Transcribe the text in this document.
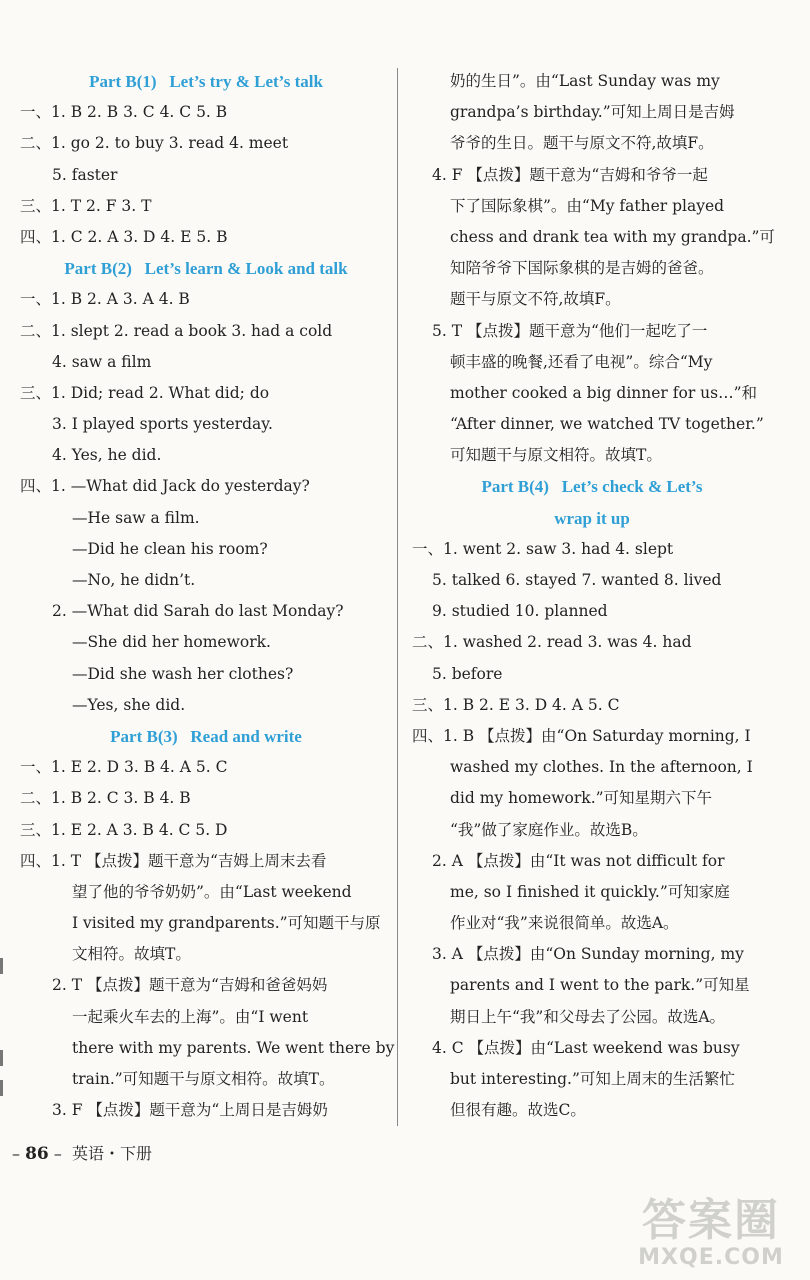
Part B(1)   Let’s try & Let’s talk
一、1. B 2. B 3. C 4. C 5. B
二、1. go 2. to buy 3. read 4. meet
5. faster
三、1. T 2. F 3. T
四、1. C 2. A 3. D 4. E 5. B
Part B(2)   Let’s learn & Look and talk
一、1. B 2. A 3. A 4. B
二、1. slept 2. read a book 3. had a cold
4. saw a film
三、1. Did; read 2. What did; do
3. I played sports yesterday.
4. Yes, he did.
四、1. —What did Jack do yesterday?
—He saw a film.
—Did he clean his room?
—No, he didn’t.
2. —What did Sarah do last Monday?
—She did her homework.
—Did she wash her clothes?
—Yes, she did.
Part B(3)   Read and write
一、1. E 2. D 3. B 4. A 5. C
二、1. B 2. C 3. B 4. B
三、1. E 2. A 3. B 4. C 5. D
四、1. T 【点拨】题干意为“吉姆上周末去看
望了他的爷爷奶奶”。由“Last weekend
I visited my grandparents.”可知题干与原
文相符。故填T。
2. T 【点拨】题干意为“吉姆和爸爸妈妈
一起乘火车去的上海”。由“I went
there with my parents. We went there by
train.”可知题干与原文相符。故填T。
3. F 【点拨】题干意为“上周日是吉姆奶
奶的生日”。由“Last Sunday was my
grandpa’s birthday.”可知上周日是吉姆
爷爷的生日。题干与原文不符,故填F。
4. F 【点拨】题干意为“吉姆和爷爷一起
下了国际象棋”。由“My father played
chess and drank tea with my grandpa.”可
知陪爷爷下国际象棋的是吉姆的爸爸。
题干与原文不符,故填F。
5. T 【点拨】题干意为“他们一起吃了一
顿丰盛的晚餐,还看了电视”。综合“My
mother cooked a big dinner for us…”和
“After dinner, we watched TV together.”
可知题干与原文相符。故填T。
Part B(4)   Let’s check & Let’s
wrap it up
一、1. went 2. saw 3. had 4. slept
5. talked 6. stayed 7. wanted 8. lived
9. studied 10. planned
二、1. washed 2. read 3. was 4. had
5. before
三、1. B 2. E 3. D 4. A 5. C
四、1. B 【点拨】由“On Saturday morning, I
washed my clothes. In the afternoon, I
did my homework.”可知星期六下午
“我”做了家庭作业。故选B。
2. A 【点拨】由“It was not difficult for
me, so I finished it quickly.”可知家庭
作业对“我”来说很简单。故选A。
3. A 【点拨】由“On Sunday morning, my
parents and I went to the park.”可知星
期日上午“我”和父母去了公园。故选A。
4. C 【点拨】由“Last weekend was busy
but interesting.”可知上周末的生活繁忙
但很有趣。故选C。
– 86 –  英语・下册
答案圈
MXQE.COM
